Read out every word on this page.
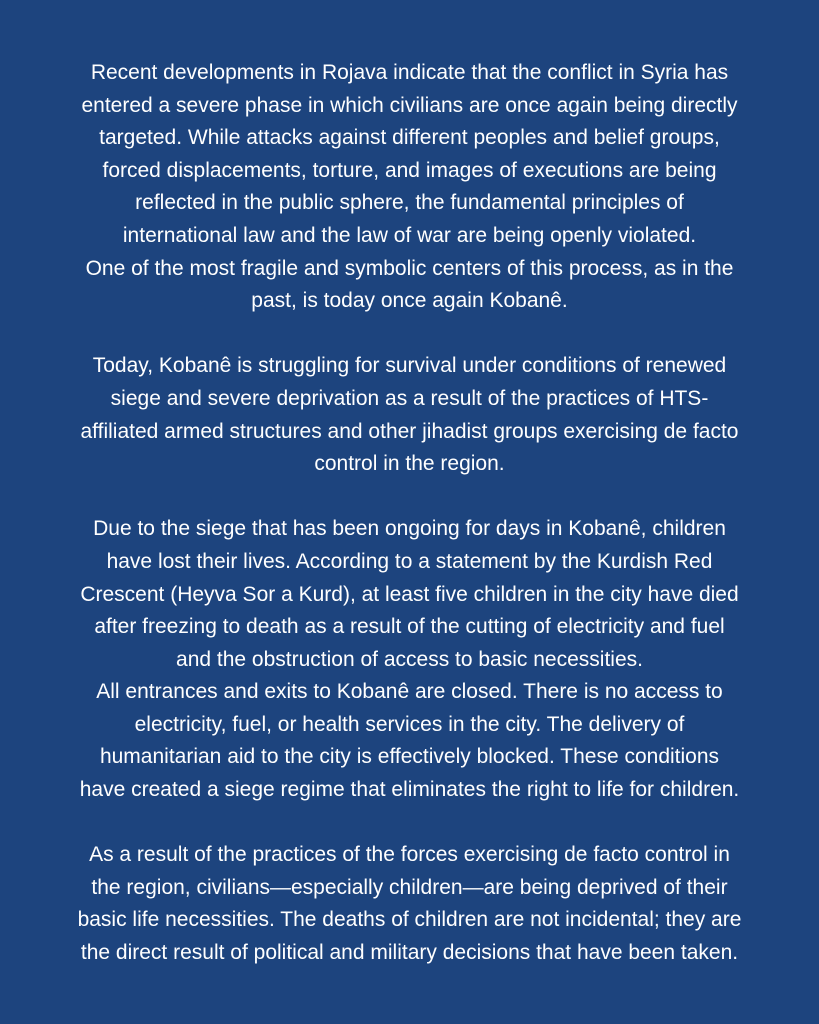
Recent developments in Rojava indicate that the conflict in Syria has
entered a severe phase in which civilians are once again being directly
targeted. While attacks against different peoples and belief groups,
forced displacements, torture, and images of executions are being
reflected in the public sphere, the fundamental principles of
international law and the law of war are being openly violated.
One of the most fragile and symbolic centers of this process, as in the
past, is today once again Kobanê.

Today, Kobanê is struggling for survival under conditions of renewed
siege and severe deprivation as a result of the practices of HTS-
affiliated armed structures and other jihadist groups exercising de facto
control in the region.

Due to the siege that has been ongoing for days in Kobanê, children
have lost their lives. According to a statement by the Kurdish Red
Crescent (Heyva Sor a Kurd), at least five children in the city have died
after freezing to death as a result of the cutting of electricity and fuel
and the obstruction of access to basic necessities.
All entrances and exits to Kobanê are closed. There is no access to
electricity, fuel, or health services in the city. The delivery of
humanitarian aid to the city is effectively blocked. These conditions
have created a siege regime that eliminates the right to life for children.

As a result of the practices of the forces exercising de facto control in
the region, civilians—especially children—are being deprived of their
basic life necessities. The deaths of children are not incidental; they are
the direct result of political and military decisions that have been taken.
